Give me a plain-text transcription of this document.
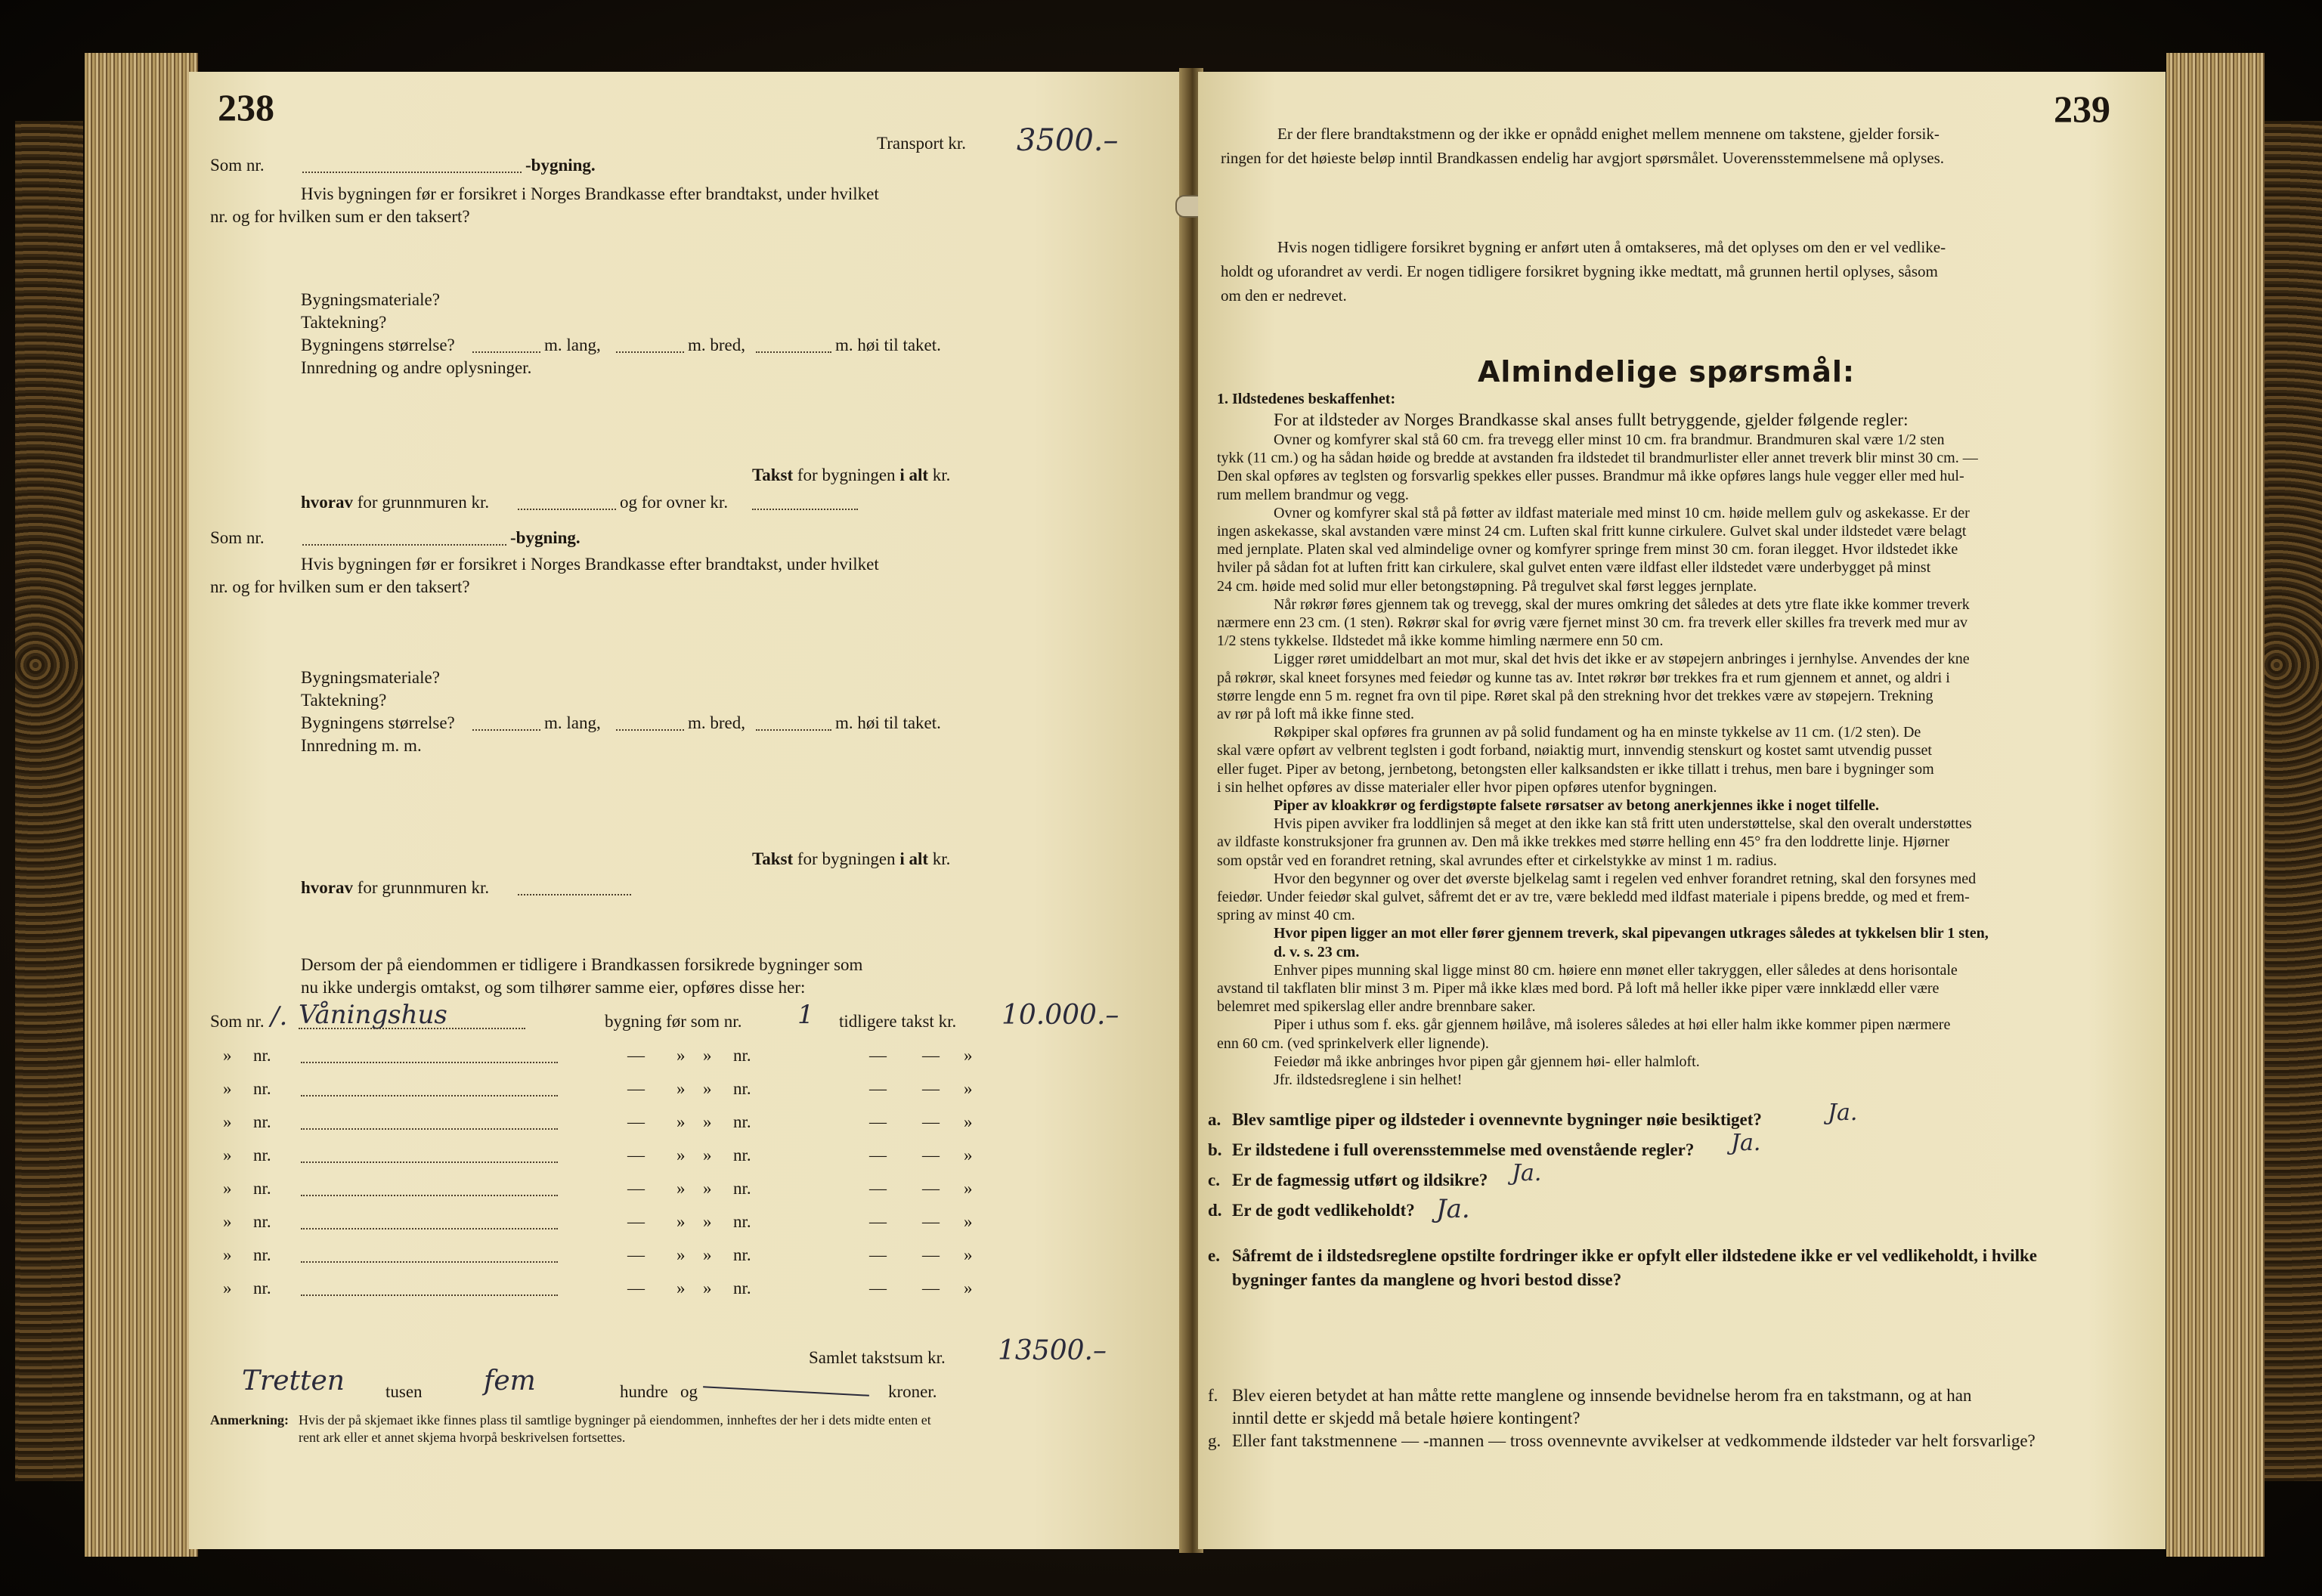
238
Transport kr. 3500.–
Som nr.	-bygning.
Hvis bygningen før er forsikret i Norges Brandkasse efter brandtakst, under hvilket
nr. og for hvilken sum er den taksert?
Bygningsmateriale?
Taktekning?
Bygningens størrelse?	m. lang,	m. bred,	m. høi til taket.
Innredning og andre oplysninger.
Takst for bygningen i alt kr.
hvorav for grunnmuren kr.	og for ovner kr.
Som nr.	-bygning.
Hvis bygningen før er forsikret i Norges Brandkasse efter brandtakst, under hvilket
nr. og for hvilken sum er den taksert?
Bygningsmateriale?
Taktekning?
Bygningens størrelse?	m. lang,	m. bred,	m. høi til taket.
Innredning m. m.
Takst for bygningen i alt kr.
hvorav for grunnmuren kr.
Dersom der på eiendommen er tidligere i Brandkassen forsikrede bygninger som
nu ikke undergis omtakst, og som tilhører samme eier, opføres disse her:
Som nr. /. Våningshus	bygning før som nr. 1 tidligere takst kr. 10.000.–
» nr.	— » » nr.	— — »
» nr.	— » » nr.	— — »
» nr.	— » » nr.	— — »
» nr.	— » » nr.	— — »
» nr.	— » » nr.	— — »
» nr.	— » » nr.	— — »
» nr.	— » » nr.	— — »
» nr.	— » » nr.	— — »
Samlet takstsum kr. 13500.–
Tretten tusen fem	hundre og	kroner.
Anmerkning: Hvis der på skjemaet ikke finnes plass til samtlige bygninger på eiendommen, innheftes der her i dets midte enten et
rent ark eller et annet skjema hvorpå beskrivelsen fortsettes.
239
Er der flere brandtakstmenn og der ikke er opnådd enighet mellem mennene om takstene, gjelder forsik-
ringen for det høieste beløp inntil Brandkassen endelig har avgjort spørsmålet. Uoverensstemmelsene må oplyses.
Hvis nogen tidligere forsikret bygning er anført uten å omtakseres, må det oplyses om den er vel vedlike-
holdt og uforandret av verdi. Er nogen tidligere forsikret bygning ikke medtatt, må grunnen hertil oplyses, såsom
om den er nedrevet.
Almindelige spørsmål:
1. Ildstedenes beskaffenhet:
For at ildsteder av Norges Brandkasse skal anses fullt betryggende, gjelder følgende regler:
Ovner og komfyrer skal stå 60 cm. fra trevegg eller minst 10 cm. fra brandmur. Brandmuren skal være 1/2 sten
tykk (11 cm.) og ha sådan høide og bredde at avstanden fra ildstedet til brandmurlister eller annet treverk blir minst 30 cm. —
Den skal opføres av teglsten og forsvarlig spekkes eller pusses. Brandmur må ikke opføres langs hule vegger eller med hul-
rum mellem brandmur og vegg.
Ovner og komfyrer skal stå på føtter av ildfast materiale med minst 10 cm. høide mellem gulv og askekasse. Er der
ingen askekasse, skal avstanden være minst 24 cm. Luften skal fritt kunne cirkulere. Gulvet skal under ildstedet være belagt
med jernplate. Platen skal ved almindelige ovner og komfyrer springe frem minst 30 cm. foran ilegget. Hvor ildstedet ikke
hviler på sådan fot at luften fritt kan cirkulere, skal gulvet enten være ildfast eller ildstedet være underbygget på minst
24 cm. høide med solid mur eller betongstøpning. På tregulvet skal først legges jernplate.
Når røkrør føres gjennem tak og trevegg, skal der mures omkring det således at dets ytre flate ikke kommer treverk
nærmere enn 23 cm. (1 sten). Røkrør skal for øvrig være fjernet minst 30 cm. fra treverk eller skilles fra treverk med mur av
1/2 stens tykkelse. Ildstedet må ikke komme himling nærmere enn 50 cm.
Ligger røret umiddelbart an mot mur, skal det hvis det ikke er av støpejern anbringes i jernhylse. Anvendes der kne
på røkrør, skal kneet forsynes med feiedør og kunne tas av. Intet røkrør bør trekkes fra et rum gjennem et annet, og aldri i
større lengde enn 5 m. regnet fra ovn til pipe. Røret skal på den strekning hvor det trekkes være av støpejern. Trekning
av rør på loft må ikke finne sted.
Røkpiper skal opføres fra grunnen av på solid fundament og ha en minste tykkelse av 11 cm. (1/2 sten). De
skal være opført av velbrent teglsten i godt forband, nøiaktig murt, innvendig stenskurt og kostet samt utvendig pusset
eller fuget. Piper av betong, jernbetong, betongsten eller kalksandsten er ikke tillatt i trehus, men bare i bygninger som
i sin helhet opføres av disse materialer eller hvor pipen opføres utenfor bygningen.
Piper av kloakkrør og ferdigstøpte falsete rørsatser av betong anerkjennes ikke i noget tilfelle.
Hvis pipen avviker fra loddlinjen så meget at den ikke kan stå fritt uten understøttelse, skal den overalt understøttes
av ildfaste konstruksjoner fra grunnen av. Den må ikke trekkes med større helling enn 45° fra den loddrette linje. Hjørner
som opstår ved en forandret retning, skal avrundes efter et cirkelstykke av minst 1 m. radius.
Hvor den begynner og over det øverste bjelkelag samt i regelen ved enhver forandret retning, skal den forsynes med
feiedør. Under feiedør skal gulvet, såfremt det er av tre, være bekledd med ildfast materiale i pipens bredde, og med et frem-
spring av minst 40 cm.
Hvor pipen ligger an mot eller fører gjennem treverk, skal pipevangen utkrages således at tykkelsen blir 1 sten,
d. v. s. 23 cm.
Enhver pipes munning skal ligge minst 80 cm. høiere enn mønet eller takryggen, eller således at dens horisontale
avstand til takflaten blir minst 3 m. Piper må ikke klæs med bord. På loft må heller ikke piper være innklædd eller være
belemret med spikerslag eller andre brennbare saker.
Piper i uthus som f. eks. går gjennem høilåve, må isoleres således at høi eller halm ikke kommer pipen nærmere
enn 60 cm. (ved sprinkelverk eller lignende).
Feiedør må ikke anbringes hvor pipen går gjennem høi- eller halmloft.
Jfr. ildstedsreglene i sin helhet!
a. Blev samtlige piper og ildsteder i ovennevnte bygninger nøie besiktiget?	Ja.
b. Er ildstedene i full overensstemmelse med ovenstående regler? Ja.
c. Er de fagmessig utført og ildsikre? Ja.
d. Er de godt vedlikeholdt? Ja.
e. Såfremt de i ildstedsreglene opstilte fordringer ikke er opfylt eller ildstedene ikke er vel vedlikeholdt, i hvilke
bygninger fantes da manglene og hvori bestod disse?
f. Blev eieren betydet at han måtte rette manglene og innsende bevidnelse herom fra en takstmann, og at han
inntil dette er skjedd må betale høiere kontingent?
g. Eller fant takstmennene — -mannen — tross ovennevnte avvikelser at vedkommende ildsteder var helt forsvarlige?
